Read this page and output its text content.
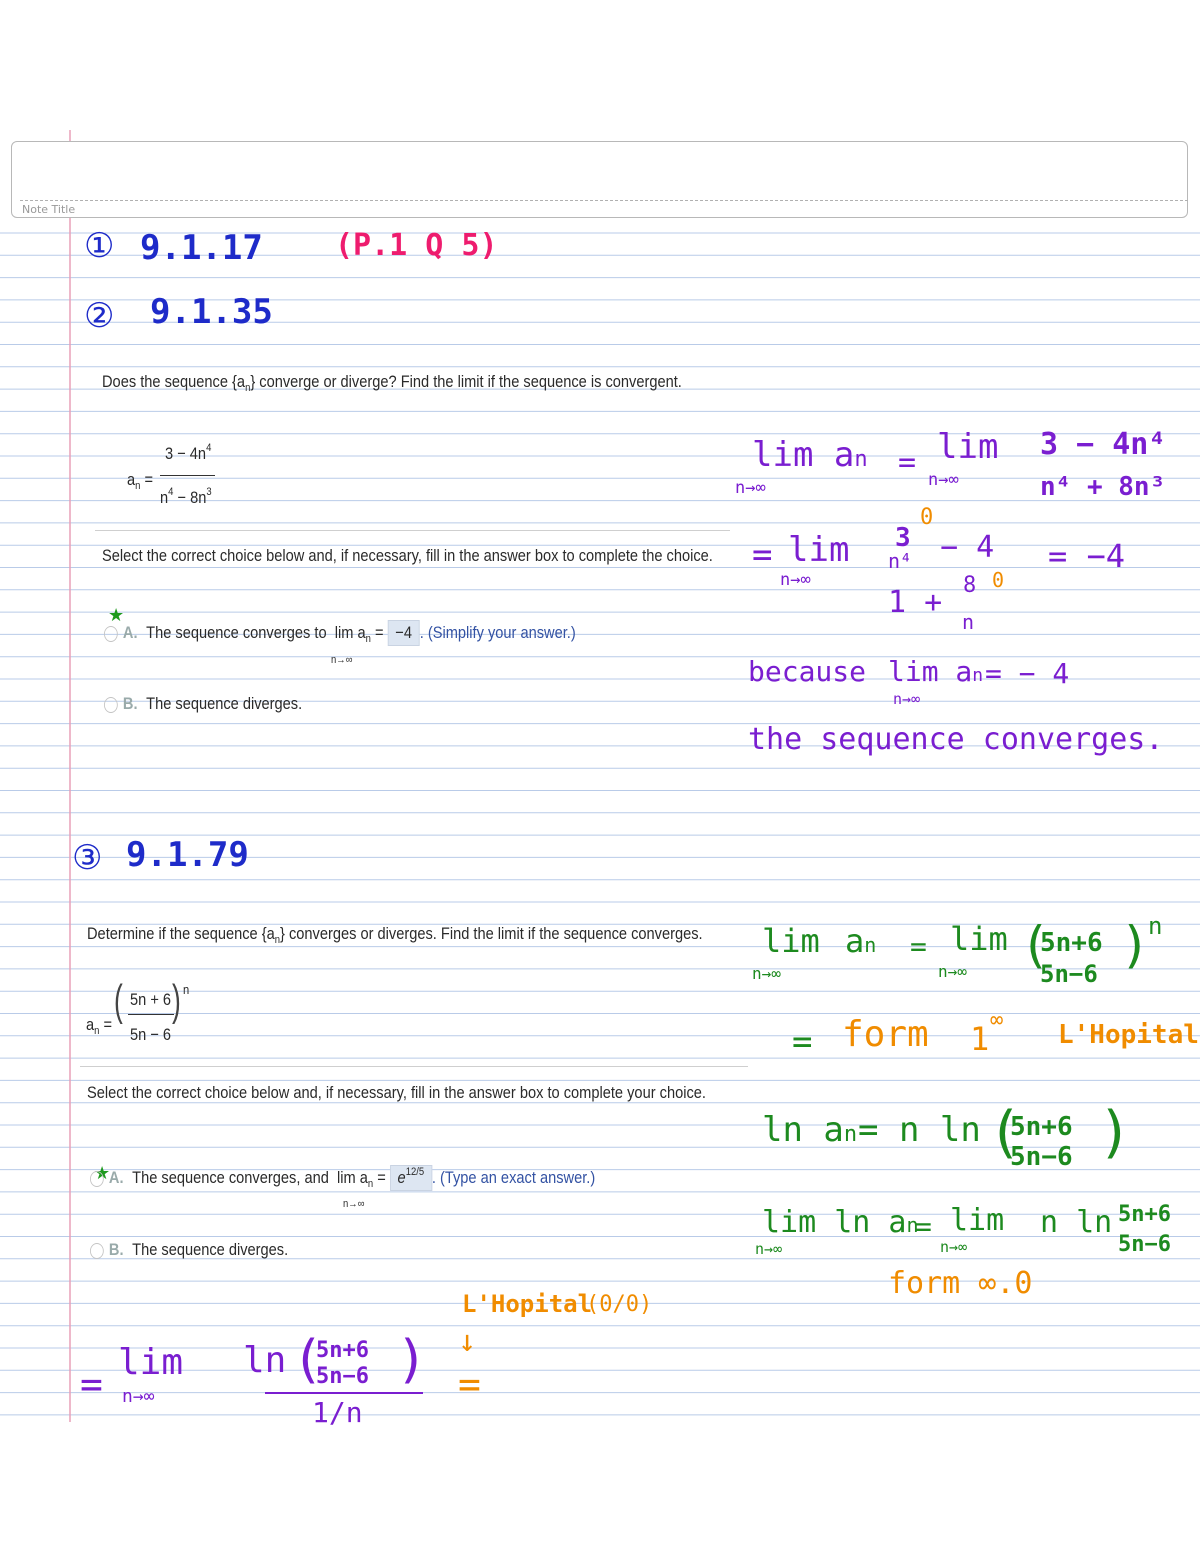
Note Title
① 9.1.17 (P.1 Q 5)
② 9.1.35
Does the sequence $\{a_n\}$ converge or diverge? Find the limit if the sequence is convergent.
$a_n$ =
$3 - 4n^4$
$n^4 - 8n^3$
Select the correct choice below and, if necessary, fill in the answer box to complete the choice.
★
A. The sequence converges to $\lim a_n = -4$ . (Simplify your answer.)
n→∞
B. The sequence diverges.
lim an
n→∞
= lim
n→∞
3 − 4n⁴
n⁴ + 8n³
= lim
n→∞
3
0
n⁴ − 4
1 + 8 0
n
= −4
because lim an
n→∞
= − 4
the sequence converges.
③ 9.1.79
Determine if the sequence $\{a_n\}$ converges or diverges. Find the limit if the sequence converges.
$a_n$ = ( 5n + 6
5n − 6
) n
Select the correct choice below and, if necessary, fill in the answer box to complete your choice.
★
A. The sequence converges, and $\lim a_n = e^{12/5}$ . (Type an exact answer.)
n→∞
B. The sequence diverges.
lim an
n→∞
= lim
n→∞ (
5n+6
5n−6 )
n
= form 1 ∞ L'Hopital
ln an = n ln (
5n+6
5n−6 )
lim ln an
n→∞
= lim
n→∞
n ln 5n+6
5n−6
form ∞.0
L'Hopital
(0/0)
↓
= lim
n→∞
ln (
5n+6
5n−6 )
1/n
=
